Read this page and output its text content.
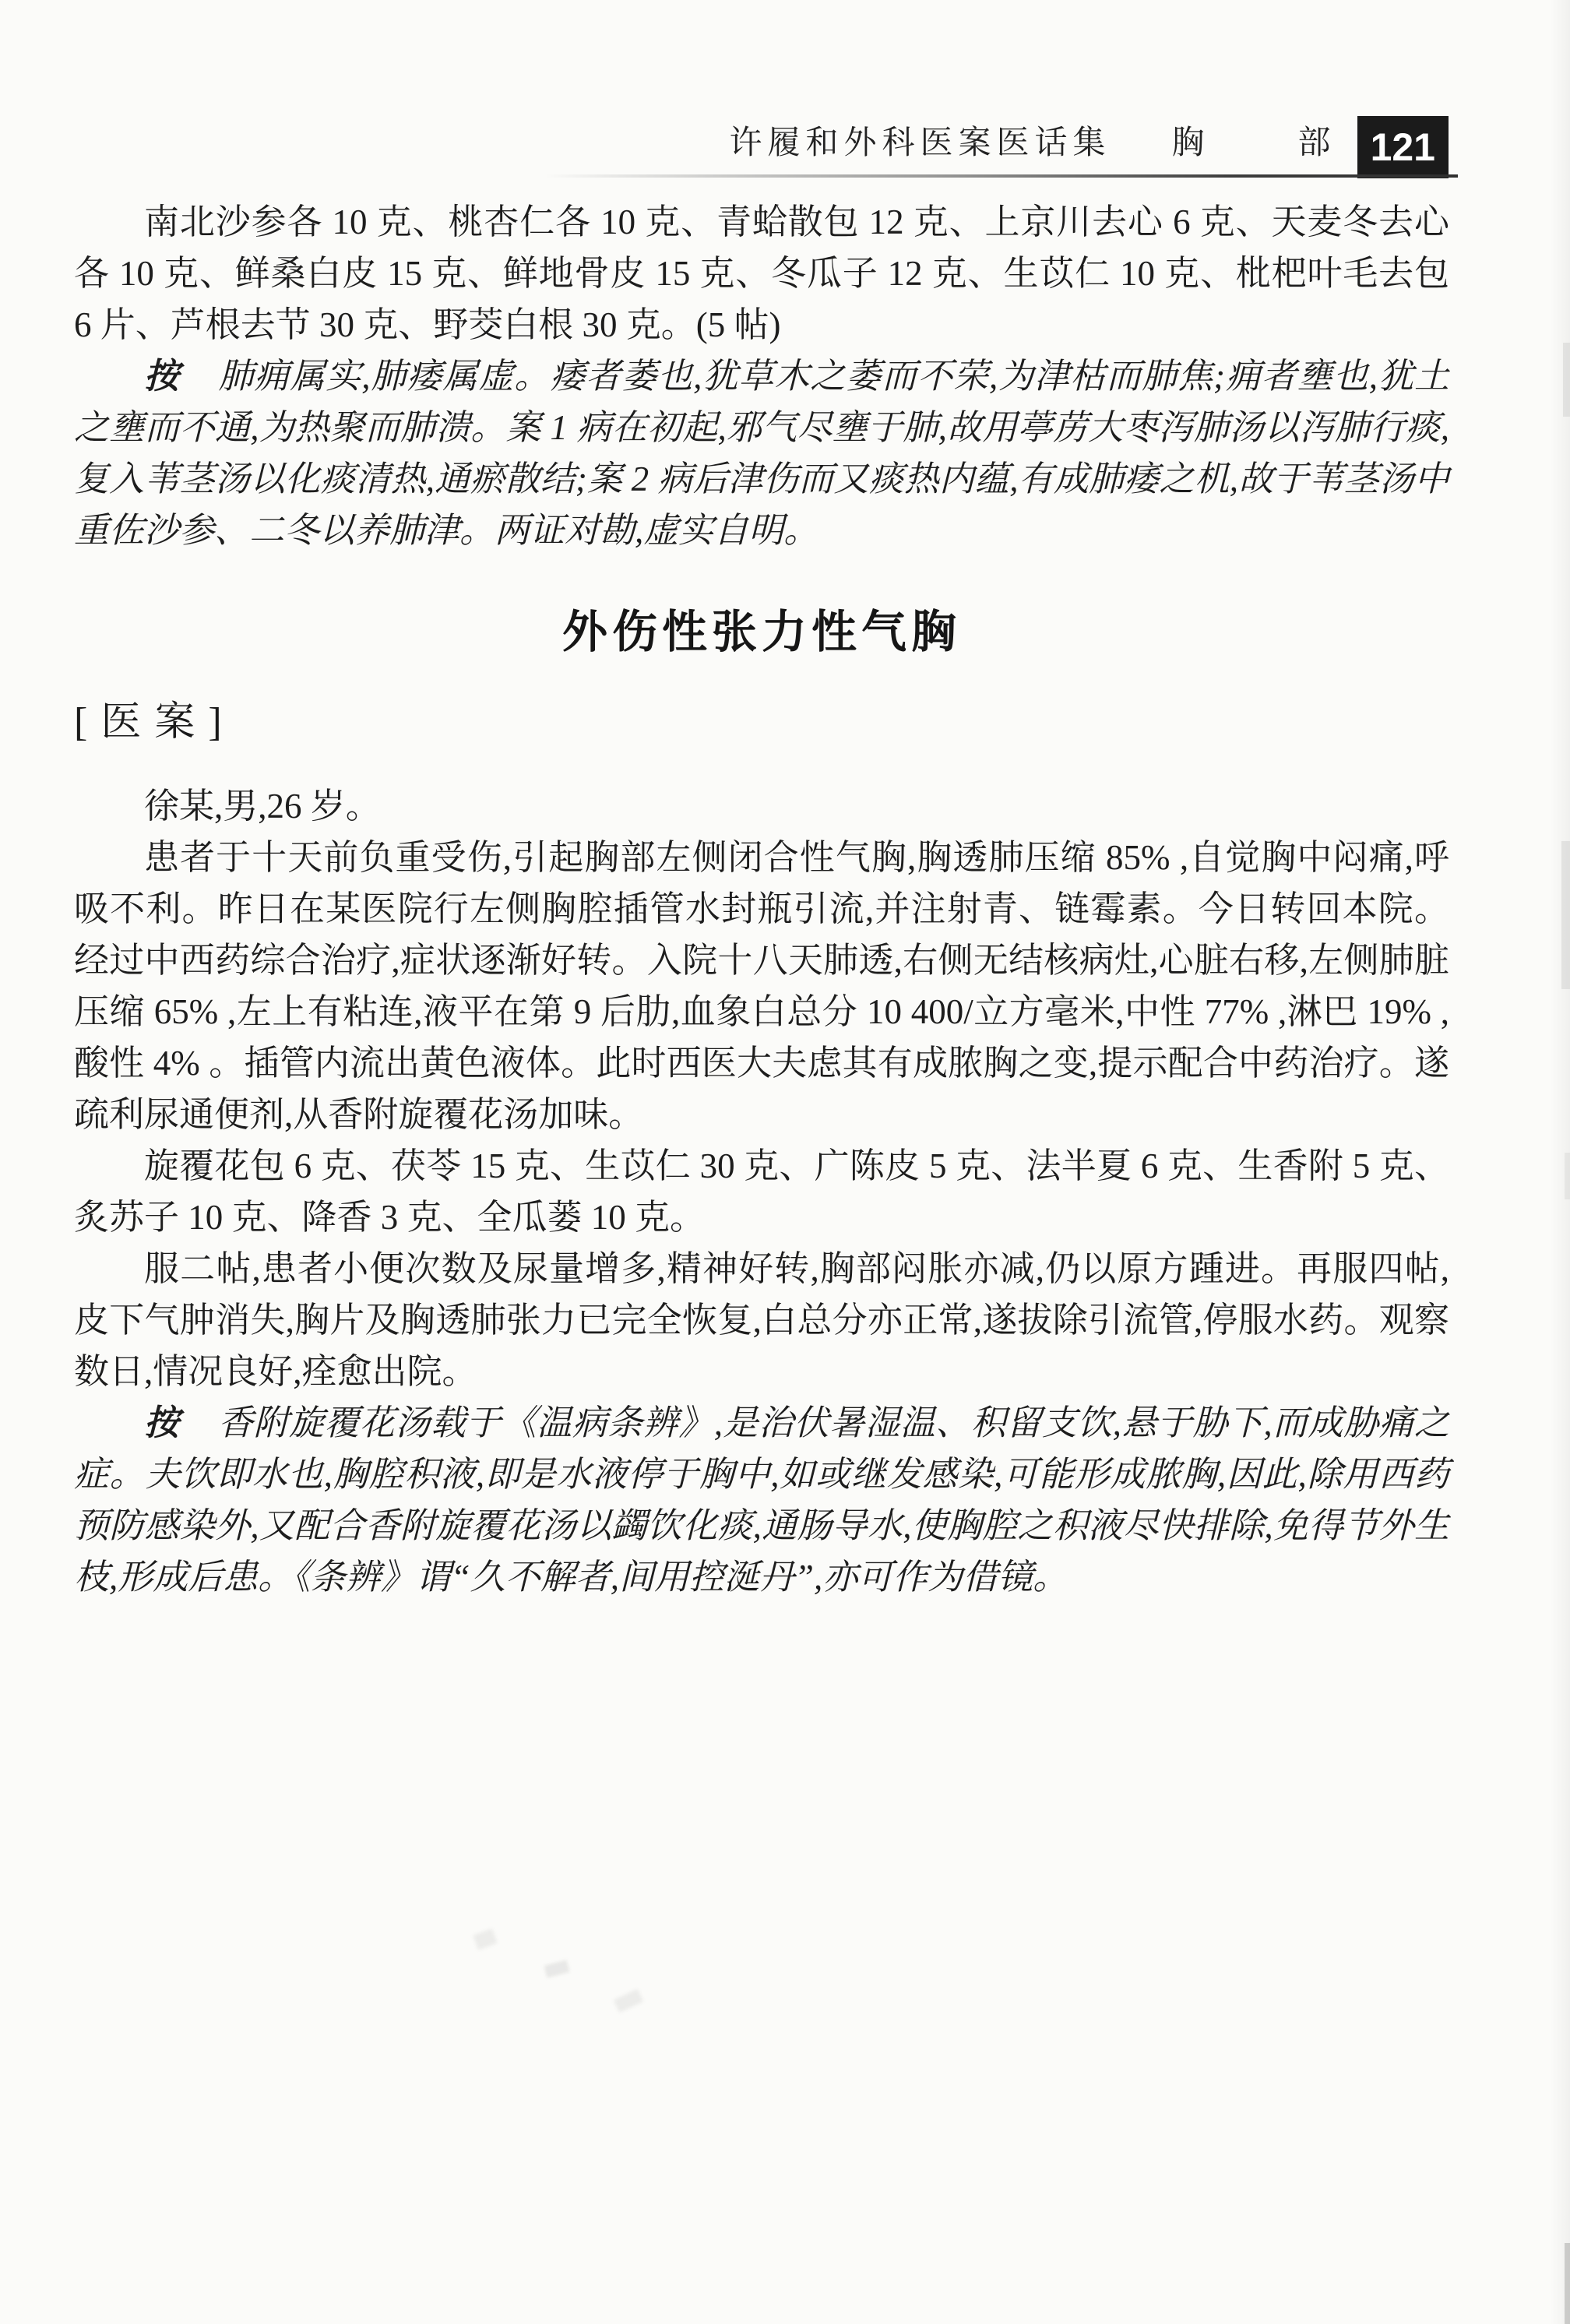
许履和外科医案医话集 胸	部 121

南北沙参各 10 克、桃杏仁各 10 克、青蛤散包 12 克、上京川去心 6 克、天麦冬去心各 10 克、鲜桑白皮 15 克、鲜地骨皮 15 克、冬瓜子 12 克、生苡仁 10 克、枇杷叶毛去包 6 片、芦根去节 30 克、野茭白根 30 克。(5 帖)

按 肺痈属实,肺痿属虚。痿者萎也,犹草木之萎而不荣,为津枯而肺焦;痈者壅也,犹土之壅而不通,为热聚而肺溃。案 1 病在初起,邪气尽壅于肺,故用葶苈大枣泻肺汤以泻肺行痰,复入苇茎汤以化痰清热,通瘀散结;案 2 病后津伤而又痰热内蕴,有成肺痿之机,故于苇茎汤中重佐沙参、二冬以养肺津。两证对勘,虚实自明。

外伤性张力性气胸
[ 医 案 ]

徐某,男,26 岁。

患者于十天前负重受伤,引起胸部左侧闭合性气胸,胸透肺压缩 85% ,自觉胸中闷痛,呼吸不利。昨日在某医院行左侧胸腔插管水封瓶引流,并注射青、链霉素。今日转回本院。经过中西药综合治疗,症状逐渐好转。入院十八天肺透,右侧无结核病灶,心脏右移,左侧肺脏压缩 65% ,左上有粘连,液平在第 9 后肋,血象白总分 10 400/立方毫米,中性 77% ,淋巴 19% ,酸性 4% 。插管内流出黄色液体。此时西医大夫虑其有成脓胸之变,提示配合中药治疗。遂疏利尿通便剂,从香附旋覆花汤加味。

旋覆花包 6 克、茯苓 15 克、生苡仁 30 克、广陈皮 5 克、法半夏 6 克、生香附 5 克、炙苏子 10 克、降香 3 克、全瓜蒌 10 克。

服二帖,患者小便次数及尿量增多,精神好转,胸部闷胀亦减,仍以原方踵进。再服四帖,皮下气肿消失,胸片及胸透肺张力已完全恢复,白总分亦正常,遂拔除引流管,停服水药。观察数日,情况良好,痊愈出院。

按 香附旋覆花汤载于《温病条辨》,是治伏暑湿温、积留支饮,悬于胁下,而成胁痛之症。夫饮即水也,胸腔积液,即是水液停于胸中,如或继发感染,可能形成脓胸,因此,除用西药预防感染外,又配合香附旋覆花汤以蠲饮化痰,通肠导水,使胸腔之积液尽快排除,免得节外生枝,形成后患。《条辨》谓“久不解者,间用控涎丹”,亦可作为借镜。
